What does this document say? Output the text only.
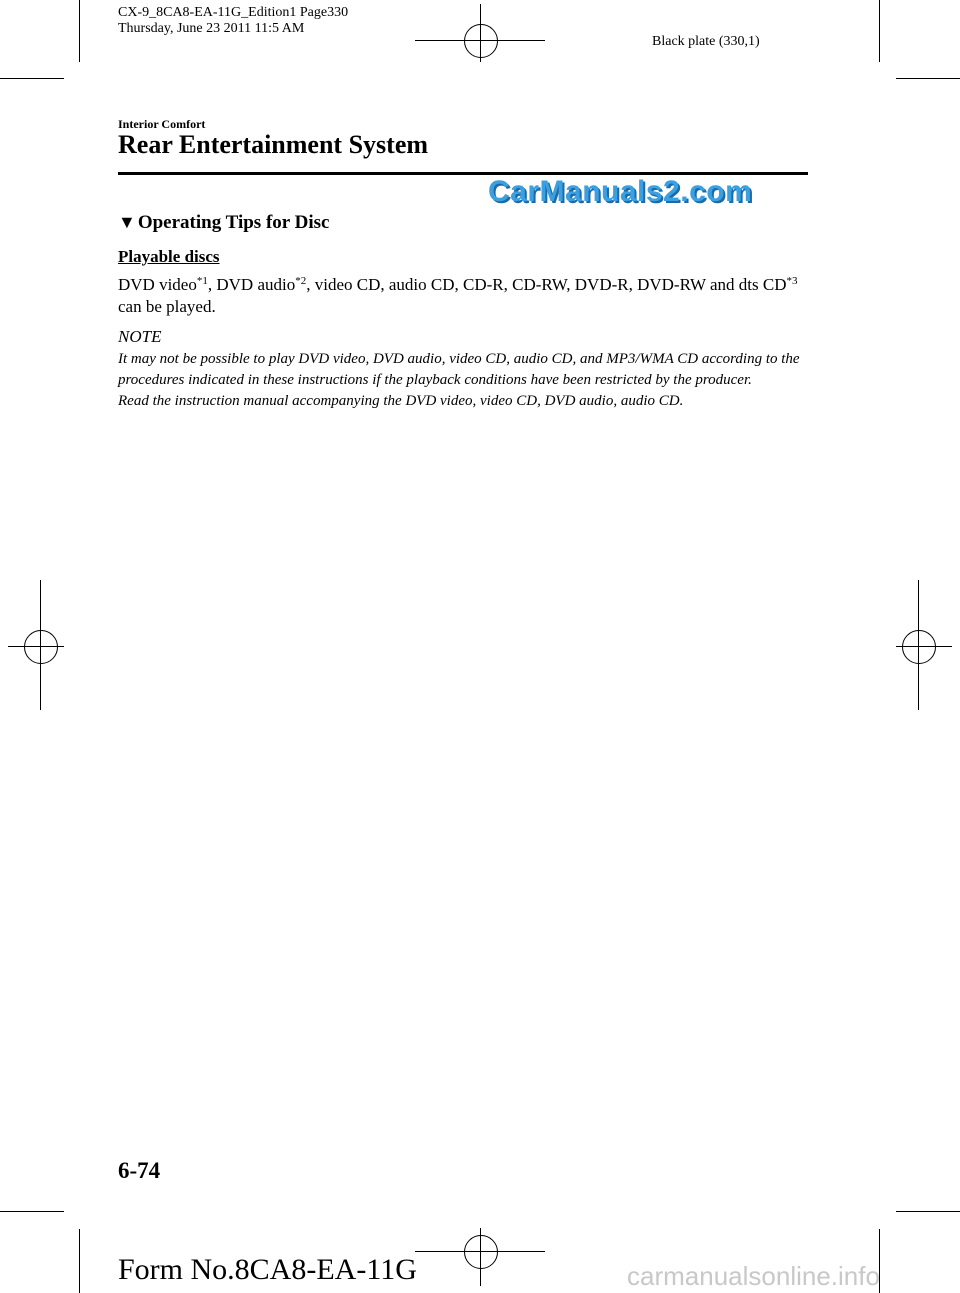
CX-9_8CA8-EA-11G_Edition1 Page330
Thursday, June 23 2011 11:5 AM
Black plate (330,1)
Interior Comfort
Rear Entertainment System
CarManuals2.com
▼ Operating Tips for Disc
Playable discs
DVD video$^{*1}$, DVD audio$^{*2}$, video CD, audio CD, CD-R, CD-RW, DVD-R, DVD-RW and dts CD$^{*3}$ can be played.
NOTE

It may not be possible to play DVD video, DVD audio, video CD, audio CD, and MP3/WMA CD according to the procedures indicated in these instructions if the playback conditions have been restricted by the producer.

Read the instruction manual accompanying the DVD video, video CD, DVD audio, audio CD.

6-74
Form No.8CA8-EA-11G	carmanualsonline.info
